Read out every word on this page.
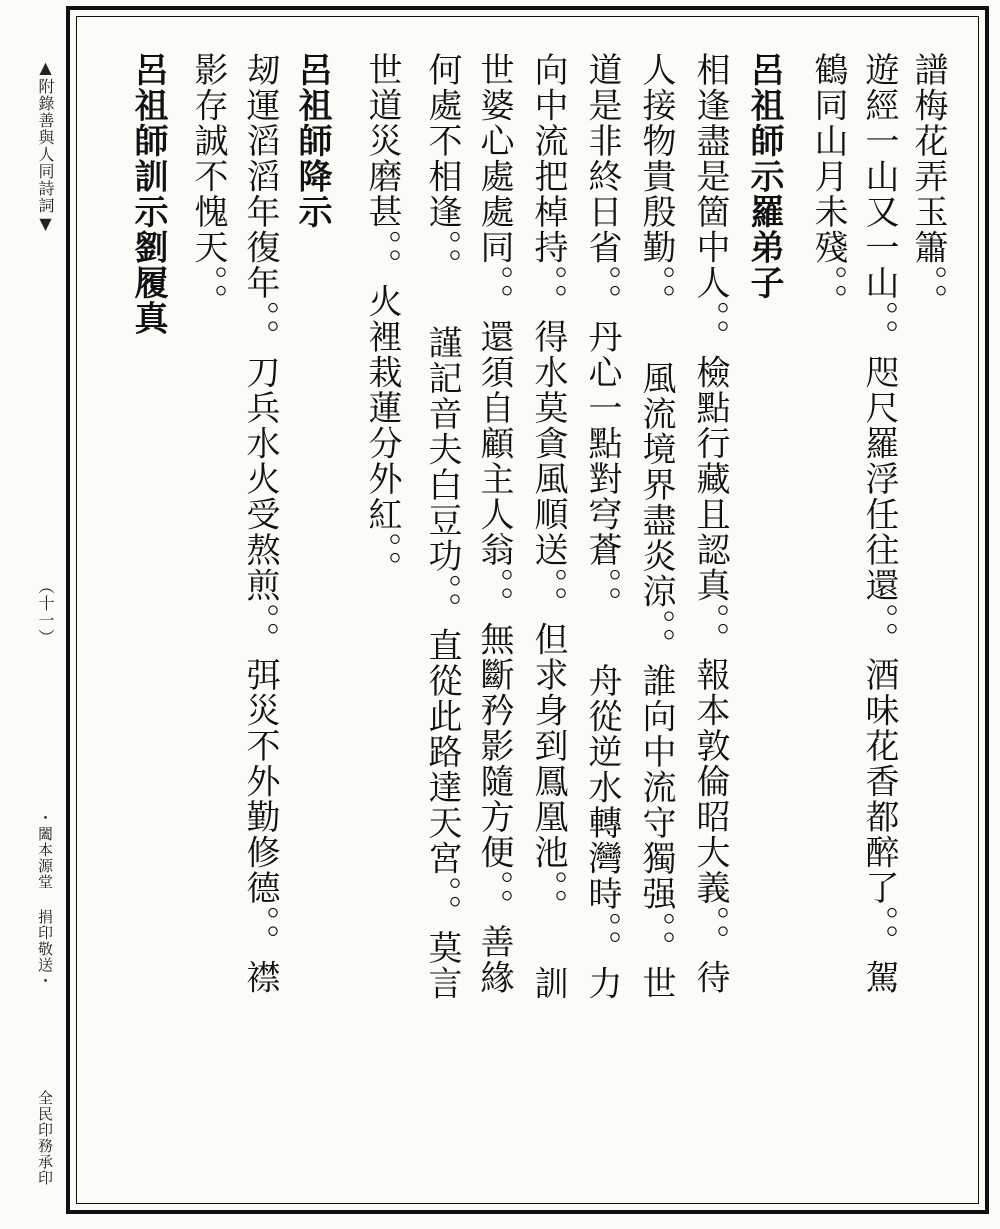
▲附錄善與人同詩詞▼
（十一）
・闔本源堂 捐印敬送・
全民印務承印
譜梅花弄玉簫。。
遊經一山又一山。。咫尺羅浮任往還。。酒味花香都醉了。。駕
鶴同山月未殘。。
呂祖師示羅弟子
相逢盡是箇中人。。檢點行藏且認真。。報本敦倫昭大義。。待
人接物貴殷勤。。 風流境界盡炎涼。。誰向中流守獨强。。世
道是非終日省。。丹心一點對穹蒼。。 舟從逆水轉灣時。。力
向中流把棹持。。得水莫貪風順送。。但求身到鳳凰池。。 訓
世婆心處處同。。還須自顧主人翁。。無斷矜影隨方便。。善緣
何處不相逢。。 謹記音夫白豆功。。直從此路達天宮。。莫言
世道災磨甚。。火裡栽蓮分外紅。。
呂祖師降示
刼運滔滔年復年。。刀兵水火受熬煎。。弭災不外勤修德。。襟
影存誠不愧天。。
呂祖師訓示劉履真
